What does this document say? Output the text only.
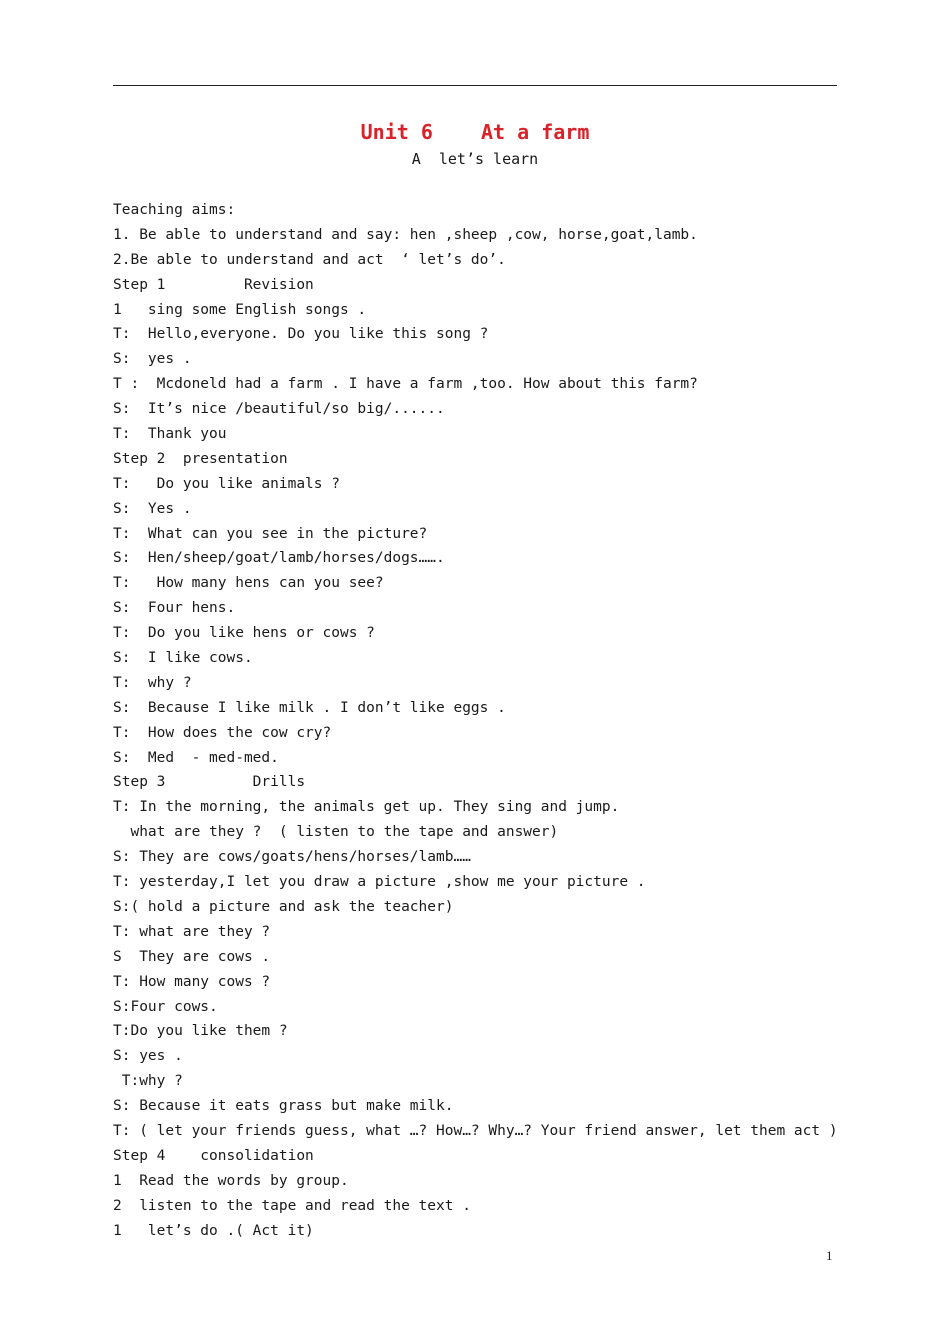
Unit 6    At a farm
A  let’s learn
Teaching aims:
1. Be able to understand and say: hen ,sheep ,cow, horse,goat,lamb.
2.Be able to understand and act  ‘ let’s do’.
Step 1         Revision
1   sing some English songs .
T:  Hello,everyone. Do you like this song ?
S:  yes .
T :  Mcdoneld had a farm . I have a farm ,too. How about this farm?
S:  It’s nice /beautiful/so big/......
T:  Thank you
Step 2  presentation
T:   Do you like animals ?
S:  Yes .
T:  What can you see in the picture?
S:  Hen/sheep/goat/lamb/horses/dogs…….
T:   How many hens can you see?
S:  Four hens.
T:  Do you like hens or cows ?
S:  I like cows.
T:  why ?
S:  Because I like milk . I don’t like eggs .
T:  How does the cow cry?
S:  Med  - med-med.
Step 3          Drills
T: In the morning, the animals get up. They sing and jump.
what are they ?  ( listen to the tape and answer)
S: They are cows/goats/hens/horses/lamb……
T: yesterday,I let you draw a picture ,show me your picture .
S:( hold a picture and ask the teacher)
T: what are they ?
S  They are cows .
T: How many cows ?
S:Four cows.
T:Do you like them ?
S: yes .
T:why ?
S: Because it eats grass but make milk.
T: ( let your friends guess, what …? How…? Why…? Your friend answer, let them act )
Step 4    consolidation
1  Read the words by group.
2  listen to the tape and read the text .
1   let’s do .( Act it)
1
